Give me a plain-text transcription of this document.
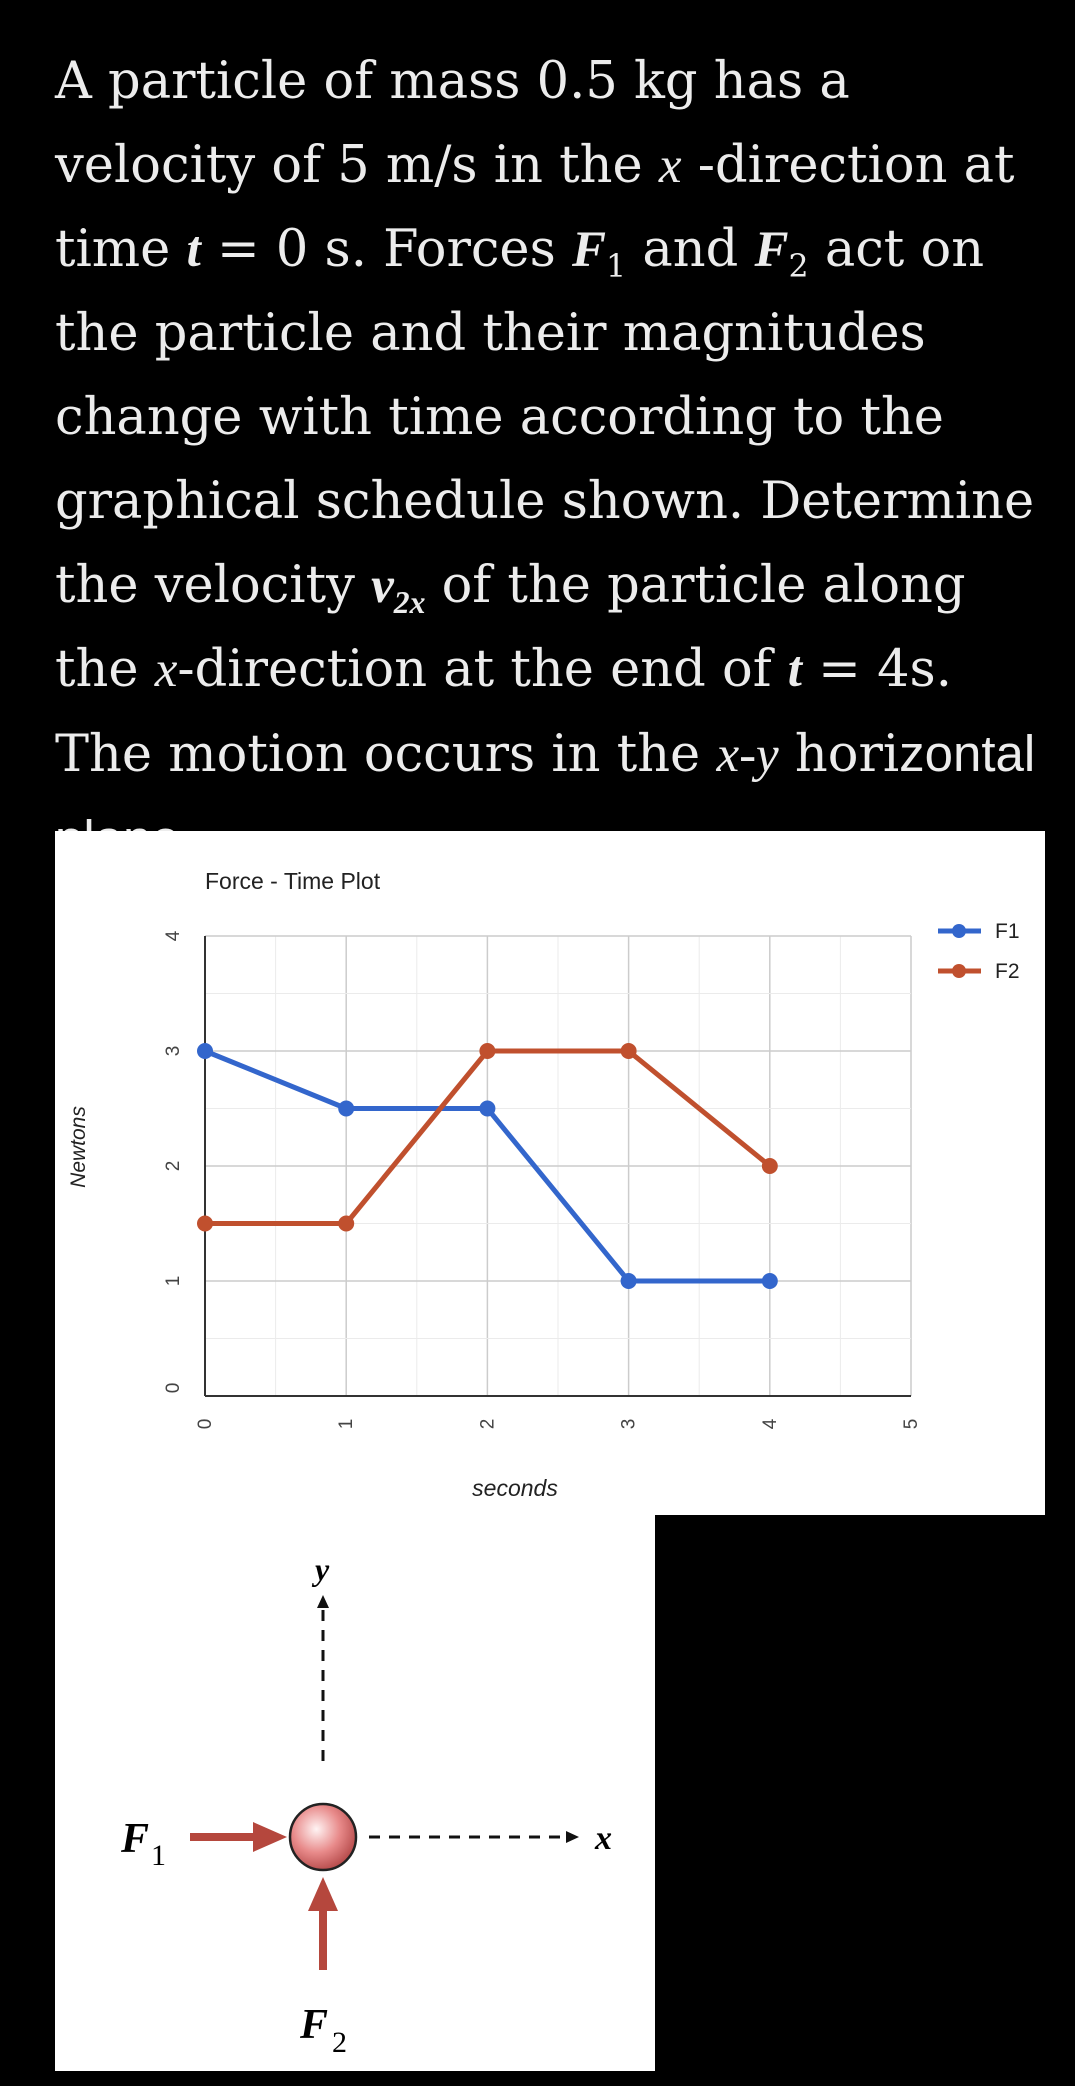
A particle of mass 0.5 kg has a velocity of 5 m/s in the x -direction at time t = 0 s. Forces $F_1$ and $F_2$ act on the particle and their magnitudes change with time according to the graphical schedule shown. Determine the velocity $v_{2x}$ of the particle along the x-direction at the end of t = 4s. The motion occurs in the x-y horizontal
Force - Time Plot
seconds
Newtons
0	1	2	3	4	5
0
1
2
3
4	F1
F2
y
x
F 1
F 2
